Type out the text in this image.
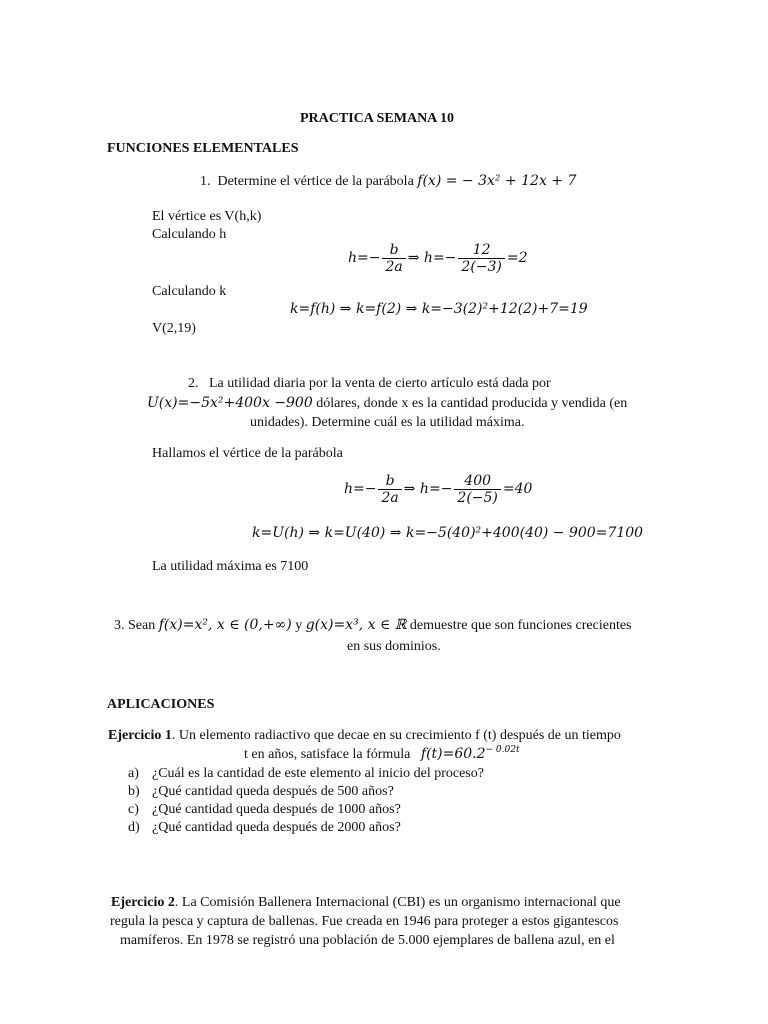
PRACTICA SEMANA 10
FUNCIONES ELEMENTALES
1. Determine el vértice de la parábola f(x) = − 3x² + 12x + 7
El vértice es V(h,k)
Calculando h
$h=- \frac{b}{2a}$ ⇒ $h=- \frac{12}{2(-3)} =2$
Calculando k
k=f(h) ⇒ k=f(2) ⇒ k=−3(2)²+12(2)+7=19
V(2,19)
2. La utilidad diaria por la venta de cierto artículo está dada por
U(x)=−5x²+400x −900 dólares, donde x es la cantidad producida y vendida (en
unidades). Determine cuál es la utilidad máxima.
Hallamos el vértice de la parábola
$h=- \frac{b}{2a}$ ⇒ $h=- \frac{400}{2(-5)} =40$
k=U(h) ⇒ k=U(40) ⇒ k=−5(40)²+400(40) − 900=7100
La utilidad máxima es 7100
3. Sean f(x)=x², x ∈ (0,+∞) y g(x)=x³, x ∈ ℝ demuestre que son funciones crecientes
en sus dominios.
APLICACIONES
Ejercicio 1. Un elemento radiactivo que decae en su crecimiento f (t) después de un tiempo
t en años, satisface la fórmula $f(t)=60.2^{- 0.02t}$
a) ¿Cuál es la cantidad de este elemento al inicio del proceso?
b) ¿Qué cantidad queda después de 500 años?
c) ¿Qué cantidad queda después de 1000 años?
d) ¿Qué cantidad queda después de 2000 años?
Ejercicio 2. La Comisión Ballenera Internacional (CBI) es un organismo internacional que
regula la pesca y captura de ballenas. Fue creada en 1946 para proteger a estos gigantescos
mamíferos. En 1978 se registró una población de 5.000 ejemplares de ballena azul, en el
